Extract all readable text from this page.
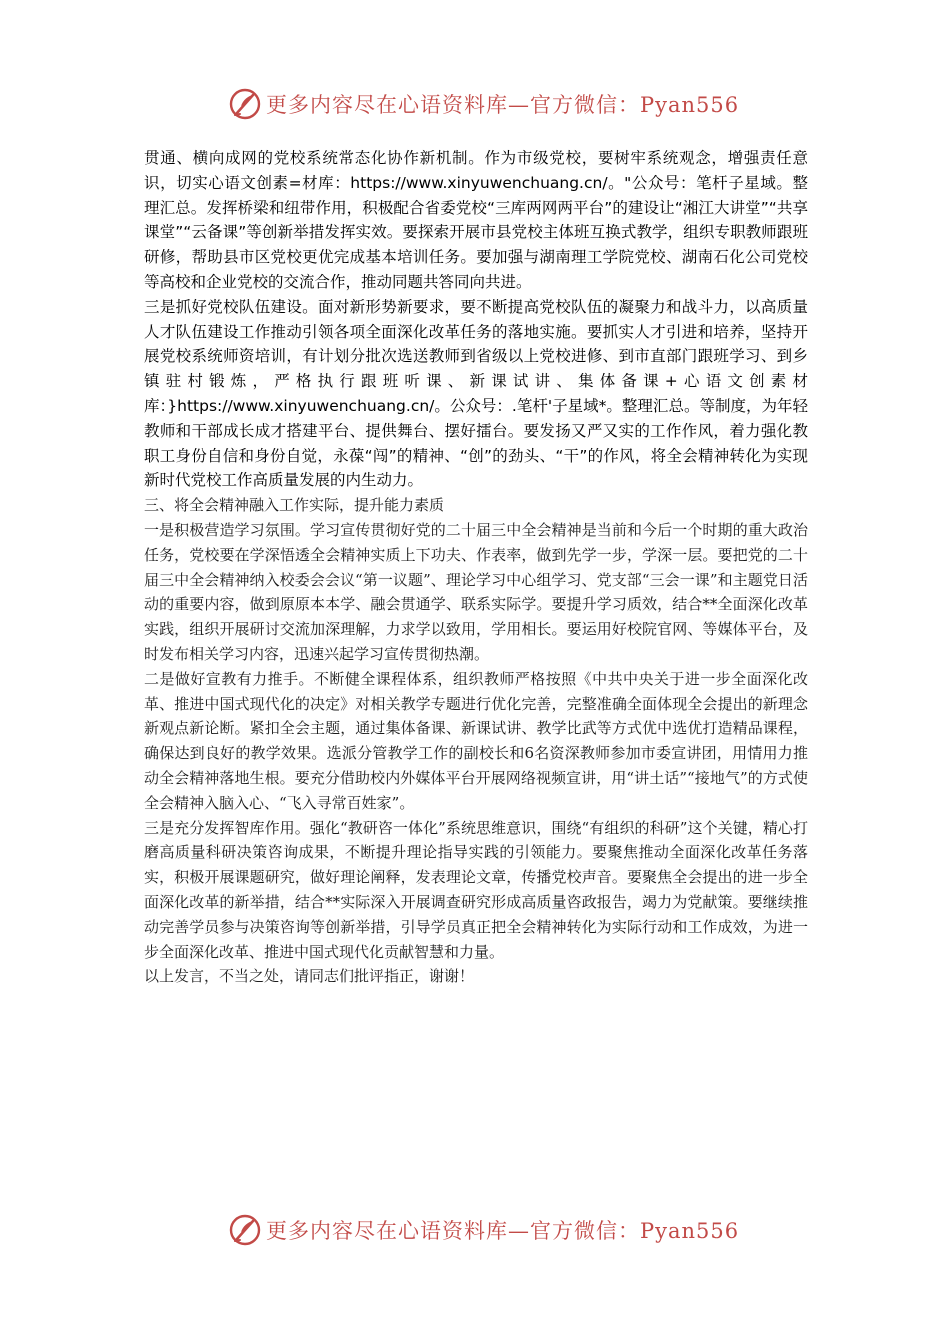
更多内容尽在心语资料库—官方微信：Pyan556

贯通、横向成网的党校系统常态化协作新机制。作为市级党校，要树牢系统观念，增强责任意识，切实心语文创素=材库：https://www.xinyuwenchuang.cn/。"公众号：笔杆子星域。整理汇总。发挥桥梁和纽带作用，积极配合省委党校“三库两网两平台”的建设让“湘江大讲堂”“共享课堂”“云备课”等创新举措发挥实效。要探索开展市县党校主体班互换式教学，组织专职教师跟班研修，帮助县市区党校更优完成基本培训任务。要加强与湖南理工学院党校、湖南石化公司党校等高校和企业党校的交流合作，推动同题共答同向共进。

三是抓好党校队伍建设。面对新形势新要求，要不断提高党校队伍的凝聚力和战斗力，以高质量人才队伍建设工作推动引领各项全面深化改革任务的落地实施。要抓实人才引进和培养，坚持开展党校系统师资培训，有计划分批次选送教师到省级以上党校进修、到市直部门跟班学习、到乡镇驻村锻炼，严格执行跟班听课、新课试讲、集体备课+心语文创素材库：}https://www.xinyuwenchuang.cn/。公众号：.笔杆'子星域*。整理汇总。等制度，为年轻教师和干部成长成才搭建平台、提供舞台、摆好擂台。要发扬又严又实的工作作风，着力强化教职工身份自信和身份自觉，永葆“闯”的精神、“创”的劲头、“干”的作风，将全会精神转化为实现新时代党校工作高质量发展的内生动力。

三、将全会精神融入工作实际，提升能力素质

一是积极营造学习氛围。学习宣传贯彻好党的二十届三中全会精神是当前和今后一个时期的重大政治任务，党校要在学深悟透全会精神实质上下功夫、作表率，做到先学一步，学深一层。要把党的二十届三中全会精神纳入校委会会议“第一议题”、理论学习中心组学习、党支部“三会一课”和主题党日活动的重要内容，做到原原本本学、融会贯通学、联系实际学。要提升学习质效，结合**全面深化改革实践，组织开展研讨交流加深理解，力求学以致用，学用相长。要运用好校院官网、等媒体平台，及时发布相关学习内容，迅速兴起学习宣传贯彻热潮。

二是做好宣教有力推手。不断健全课程体系，组织教师严格按照《中共中央关于进一步全面深化改革、推进中国式现代化的决定》对相关教学专题进行优化完善，完整准确全面体现全会提出的新理念新观点新论断。紧扣全会主题，通过集体备课、新课试讲、教学比武等方式优中选优打造精品课程，确保达到良好的教学效果。选派分管教学工作的副校长和6名资深教师参加市委宣讲团，用情用力推动全会精神落地生根。要充分借助校内外媒体平台开展网络视频宣讲，用“讲土话”“接地气”的方式使全会精神入脑入心、“飞入寻常百姓家”。

三是充分发挥智库作用。强化“教研咨一体化”系统思维意识，围绕“有组织的科研”这个关键，精心打磨高质量科研决策咨询成果，不断提升理论指导实践的引领能力。要聚焦推动全面深化改革任务落实，积极开展课题研究，做好理论阐释，发表理论文章，传播党校声音。要聚焦全会提出的进一步全面深化改革的新举措，结合**实际深入开展调查研究形成高质量咨政报告，竭力为党献策。要继续推动完善学员参与决策咨询等创新举措，引导学员真正把全会精神转化为实际行动和工作成效，为进一步全面深化改革、推进中国式现代化贡献智慧和力量。

以上发言，不当之处，请同志们批评指正，谢谢！

更多内容尽在心语资料库—官方微信：Pyan556
